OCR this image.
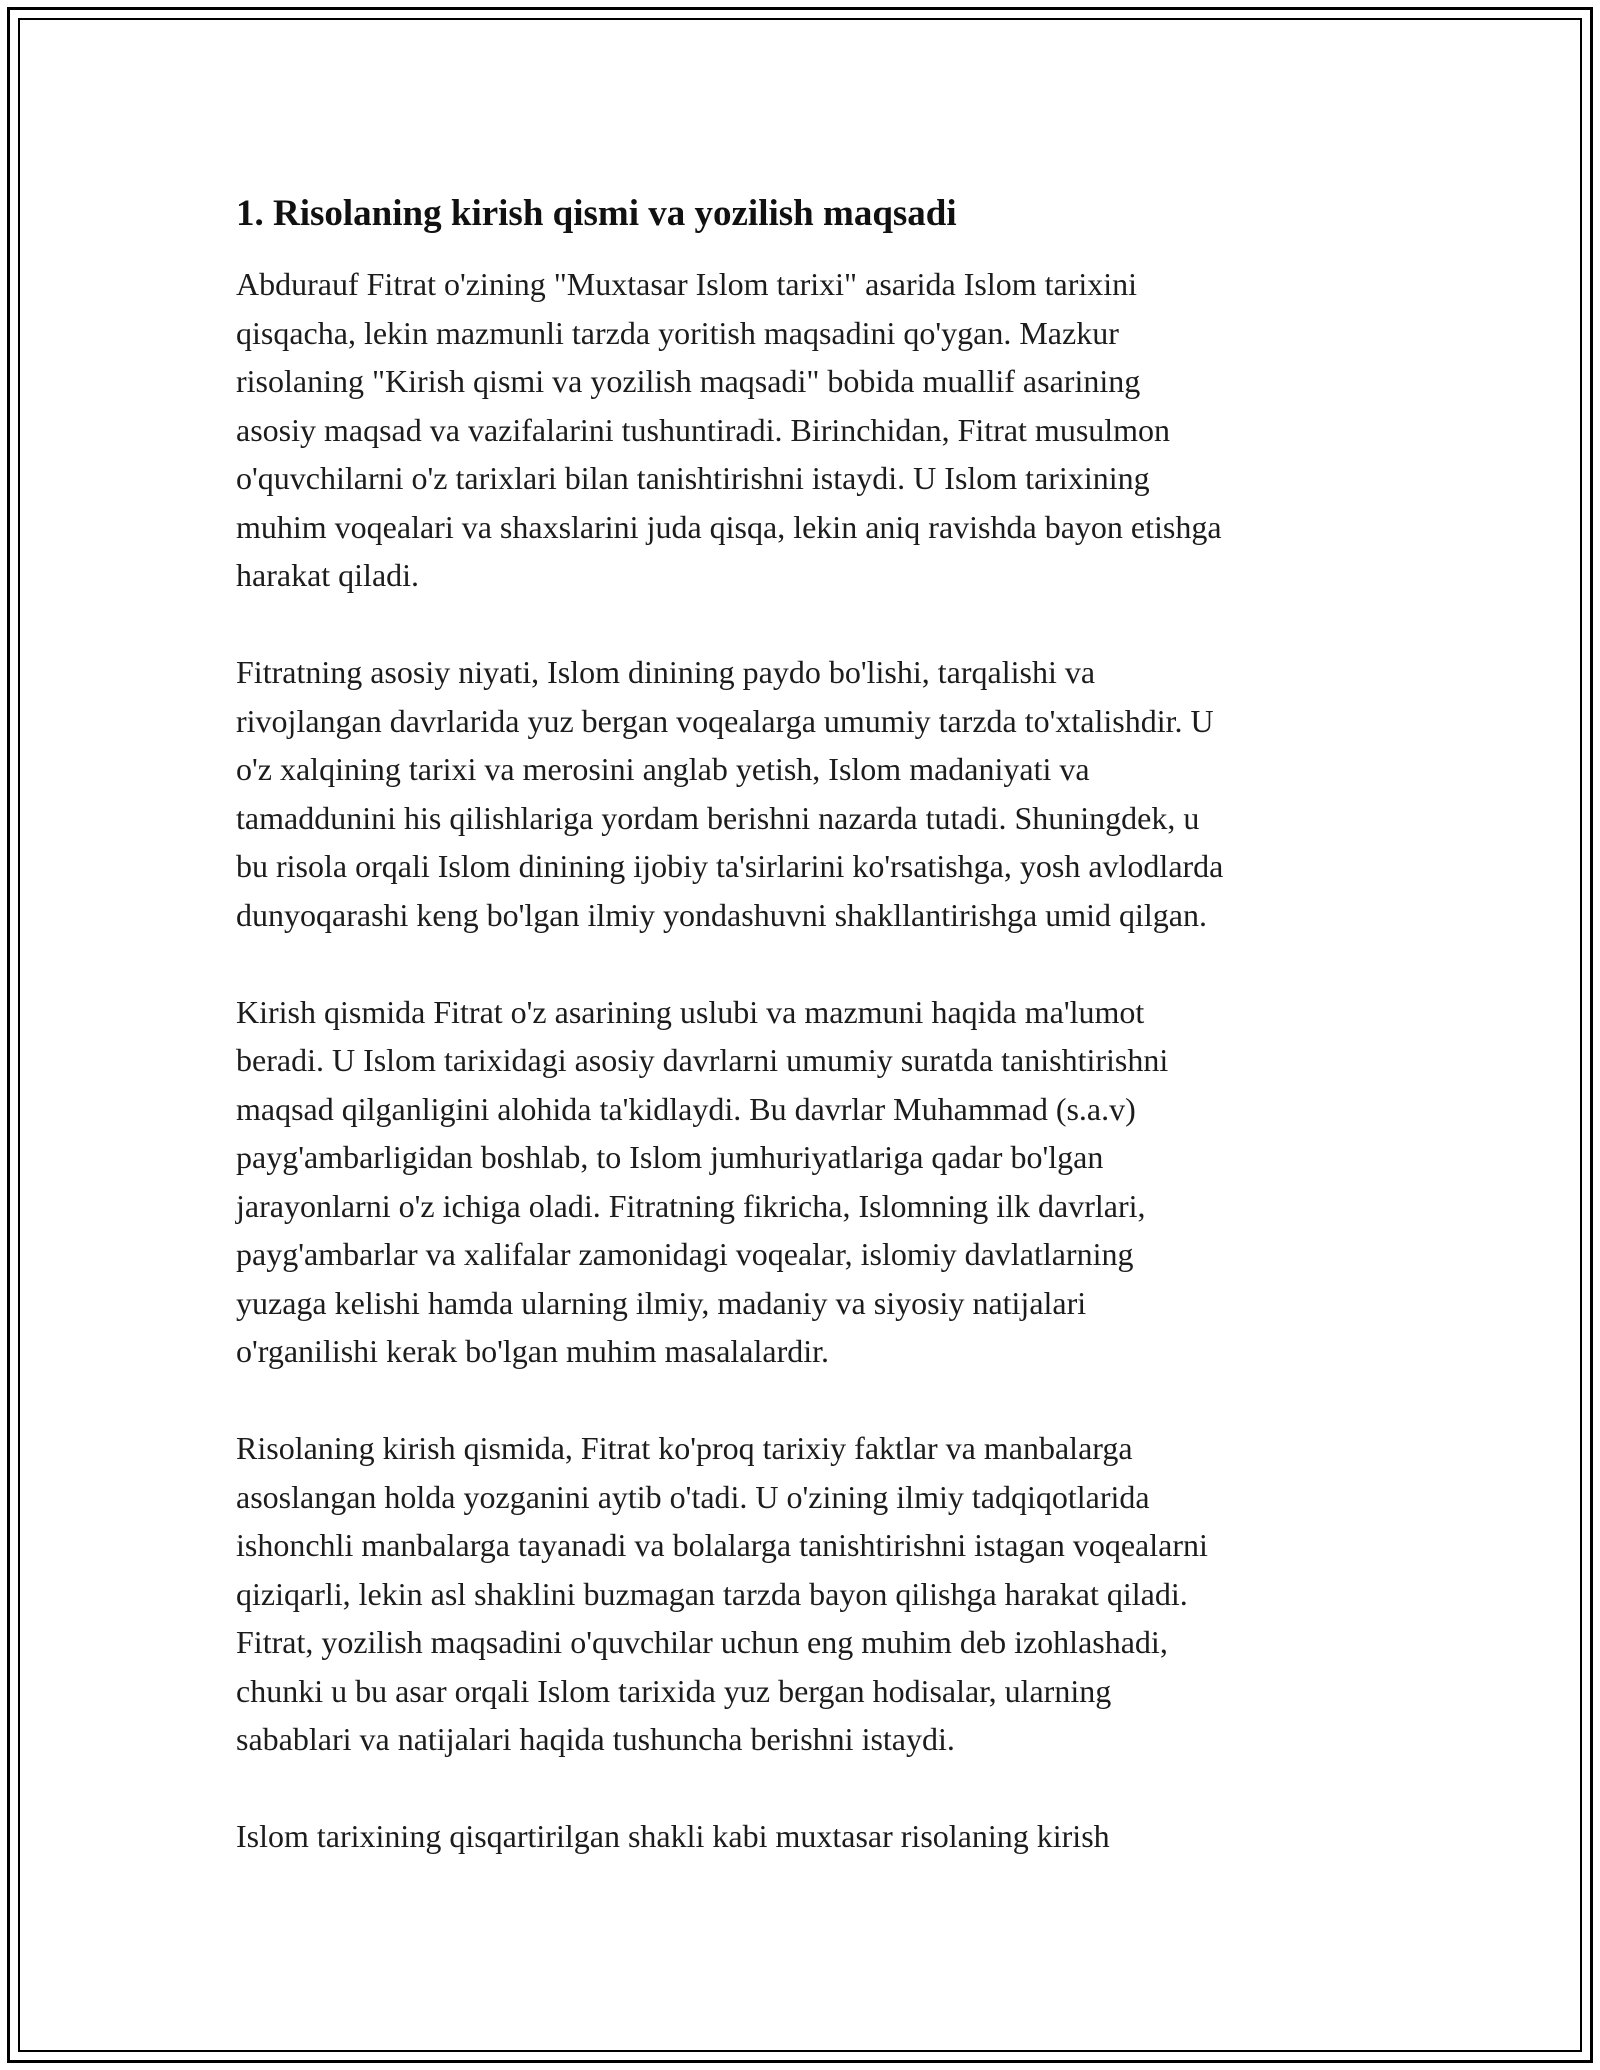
1. Risolaning kirish qismi va yozilish maqsadi
Abdurauf Fitrat o'zining "Muxtasar Islom tarixi" asarida Islom tarixini
qisqacha, lekin mazmunli tarzda yoritish maqsadini qo'ygan. Mazkur
risolaning "Kirish qismi va yozilish maqsadi" bobida muallif asarining
asosiy maqsad va vazifalarini tushuntiradi. Birinchidan, Fitrat musulmon
o'quvchilarni o'z tarixlari bilan tanishtirishni istaydi. U Islom tarixining
muhim voqealari va shaxslarini juda qisqa, lekin aniq ravishda bayon etishga
harakat qiladi.
Fitratning asosiy niyati, Islom dinining paydo bo'lishi, tarqalishi va
rivojlangan davrlarida yuz bergan voqealarga umumiy tarzda to'xtalishdir. U
o'z xalqining tarixi va merosini anglab yetish, Islom madaniyati va
tamaddunini his qilishlariga yordam berishni nazarda tutadi. Shuningdek, u
bu risola orqali Islom dinining ijobiy ta'sirlarini ko'rsatishga, yosh avlodlarda
dunyoqarashi keng bo'lgan ilmiy yondashuvni shakllantirishga umid qilgan.
Kirish qismida Fitrat o'z asarining uslubi va mazmuni haqida ma'lumot
beradi. U Islom tarixidagi asosiy davrlarni umumiy suratda tanishtirishni
maqsad qilganligini alohida ta'kidlaydi. Bu davrlar Muhammad (s.a.v)
payg'ambarligidan boshlab, to Islom jumhuriyatlariga qadar bo'lgan
jarayonlarni o'z ichiga oladi. Fitratning fikricha, Islomning ilk davrlari,
payg'ambarlar va xalifalar zamonidagi voqealar, islomiy davlatlarning
yuzaga kelishi hamda ularning ilmiy, madaniy va siyosiy natijalari
o'rganilishi kerak bo'lgan muhim masalalardir.
Risolaning kirish qismida, Fitrat ko'proq tarixiy faktlar va manbalarga
asoslangan holda yozganini aytib o'tadi. U o'zining ilmiy tadqiqotlarida
ishonchli manbalarga tayanadi va bolalarga tanishtirishni istagan voqealarni
qiziqarli, lekin asl shaklini buzmagan tarzda bayon qilishga harakat qiladi.
Fitrat, yozilish maqsadini o'quvchilar uchun eng muhim deb izohlashadi,
chunki u bu asar orqali Islom tarixida yuz bergan hodisalar, ularning
sabablari va natijalari haqida tushuncha berishni istaydi.
Islom tarixining qisqartirilgan shakli kabi muxtasar risolaning kirish
